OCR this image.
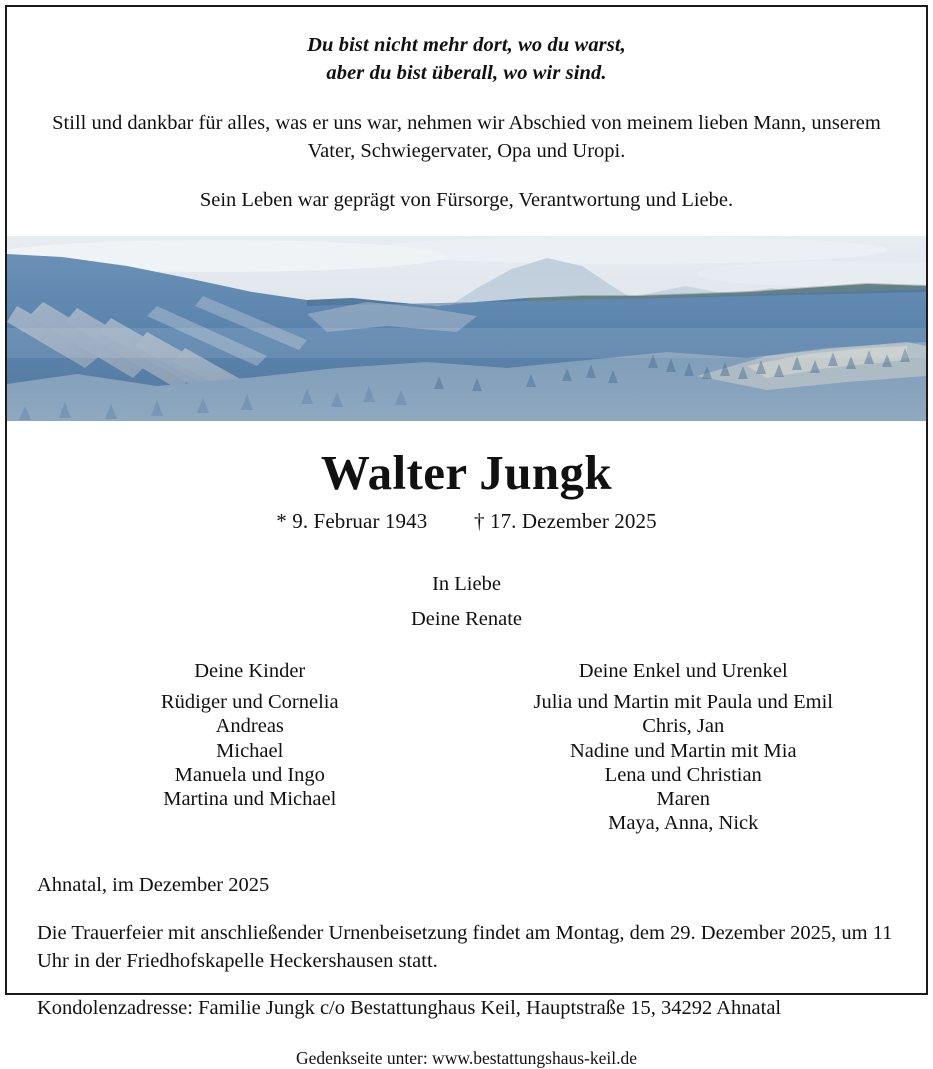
Du bist nicht mehr dort, wo du warst,
aber du bist überall, wo wir sind.
Still und dankbar für alles, was er uns war, nehmen wir Abschied von meinem lieben Mann, unserem Vater, Schwiegervater, Opa und Uropi.
Sein Leben war geprägt von Fürsorge, Verantwortung und Liebe.
Walter Jungk
* 9. Februar 1943 † 17. Dezember 2025
In Liebe
Deine Renate
Deine Kinder
Rüdiger und Cornelia
Andreas
Michael
Manuela und Ingo
Martina und Michael
Deine Enkel und Urenkel
Julia und Martin mit Paula und Emil
Chris, Jan
Nadine und Martin mit Mia
Lena und Christian
Maren
Maya, Anna, Nick
Ahnatal, im Dezember 2025
Die Trauerfeier mit anschließender Urnenbeisetzung findet am Montag, dem 29. Dezember 2025, um 11 Uhr in der Friedhofskapelle Heckershausen statt.
Kondolenzadresse: Familie Jungk c/o Bestattunghaus Keil, Hauptstraße 15, 34292 Ahnatal
Gedenkseite unter: www.bestattungshaus-keil.de
